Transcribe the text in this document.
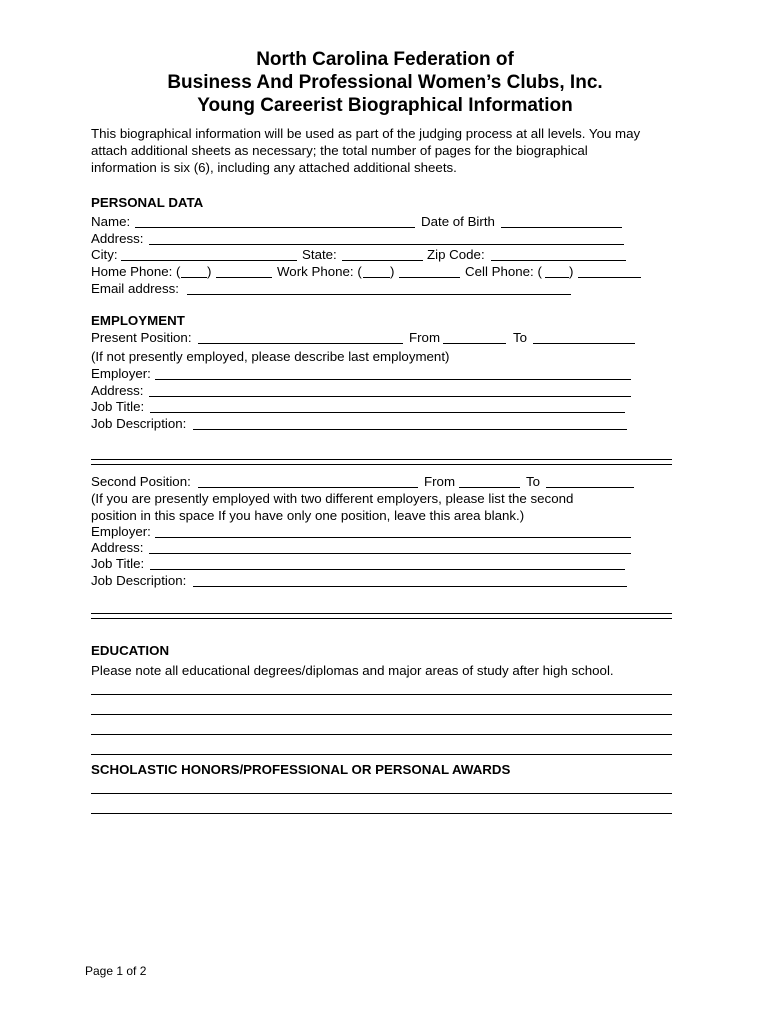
North Carolina Federation of
Business And Professional Women’s Clubs, Inc.
Young Careerist Biographical Information
This biographical information will be used as part of the judging process at all levels. You may
attach additional sheets as necessary; the total number of pages for the biographical
information is six (6), including any attached additional sheets.
PERSONAL DATA
Name:	Date of Birth
Address:
City:	State:	Zip Code:
Home Phone: ( )	Work Phone: ( )	Cell Phone: ( )
Email address:
EMPLOYMENT
Present Position:	From	To
(If not presently employed, please describe last employment)
Employer:
Address:
Job Title:
Job Description:
Second Position:	From	To
(If you are presently employed with two different employers, please list the second
position in this space If you have only one position, leave this area blank.)
Employer:
Address:
Job Title:
Job Description:
EDUCATION
Please note all educational degrees/diplomas and major areas of study after high school.
SCHOLASTIC HONORS/PROFESSIONAL OR PERSONAL AWARDS
Page 1 of 2
